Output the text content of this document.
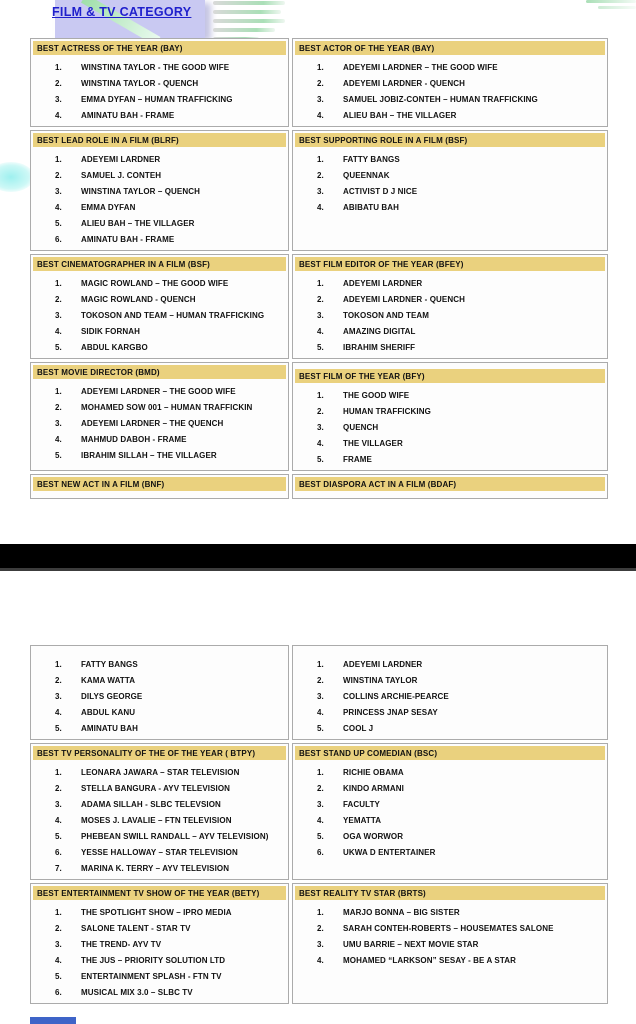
FILM & TV CATEGORY
BEST ACTRESS OF THE YEAR (BAY)
1.	WINSTINA TAYLOR - THE GOOD WIFE
2.	WINSTINA TAYLOR - QUENCH
3.	EMMA DYFAN – HUMAN TRAFFICKING
4.	AMINATU BAH - FRAME
BEST ACTOR OF THE YEAR (BAY)
1.	ADEYEMI LARDNER – THE GOOD WIFE
2.	ADEYEMI LARDNER - QUENCH
3.	SAMUEL JOBIZ-CONTEH – HUMAN TRAFFICKING
4.	ALIEU BAH – THE VILLAGER
BEST LEAD ROLE IN A FILM (BLRF)
1.	ADEYEMI LARDNER
2.	SAMUEL J. CONTEH
3.	WINSTINA TAYLOR – QUENCH
4.	EMMA DYFAN
5.	ALIEU BAH – THE VILLAGER
6.	AMINATU BAH - FRAME
BEST SUPPORTING ROLE IN A FILM (BSF)
1.	FATTY BANGS
2.	QUEENNAK
3.	ACTIVIST D J NICE
4.	ABIBATU BAH
BEST CINEMATOGRAPHER IN A FILM (BSF)
1.	MAGIC ROWLAND – THE GOOD WIFE
2.	MAGIC ROWLAND - QUENCH
3.	TOKOSON AND TEAM – HUMAN TRAFFICKING
4.	SIDIK FORNAH
5.	ABDUL KARGBO
BEST FILM EDITOR OF THE YEAR (BFEY)
1.	ADEYEMI LARDNER
2.	ADEYEMI LARDNER - QUENCH
3.	TOKOSON AND TEAM
4.	AMAZING DIGITAL
5.	IBRAHIM SHERIFF
BEST MOVIE DIRECTOR (BMD)
1.	ADEYEMI LARDNER – THE GOOD WIFE
2.	MOHAMED SOW 001 – HUMAN TRAFFICKIN
3.	ADEYEMI LARDNER – THE QUENCH
4.	MAHMUD DABOH - FRAME
5.	IBRAHIM SILLAH – THE VILLAGER
BEST FILM OF THE YEAR (BFY)
1.	THE GOOD WIFE
2.	HUMAN TRAFFICKING
3.	QUENCH
4.	THE VILLAGER
5.	FRAME
BEST NEW ACT IN A FILM (BNF)	BEST DIASPORA ACT IN A FILM (BDAF)
1.	FATTY BANGS
2.	KAMA WATTA
3.	DILYS GEORGE
4.	ABDUL KANU
5.	AMINATU BAH
1.	ADEYEMI LARDNER
2.	WINSTINA TAYLOR
3.	COLLINS ARCHIE-PEARCE
4.	PRINCESS JNAP SESAY
5.	COOL J
BEST TV PERSONALITY OF THE OF THE YEAR ( BTPY)
1.	LEONARA JAWARA – STAR TELEVISION
2.	STELLA BANGURA - AYV TELEVISION
3.	ADAMA SILLAH - SLBC TELEVSION
4.	MOSES J. LAVALIE – FTN TELEVISION
5.	PHEBEAN SWILL RANDALL – AYV TELEVISION)
6.	YESSE HALLOWAY – STAR TELEVISION
7.	MARINA K. TERRY – AYV TELEVISION
BEST STAND UP COMEDIAN (BSC)
1.	RICHIE OBAMA
2.	KINDO ARMANI
3.	FACULTY
4.	YEMATTA
5.	OGA WORWOR
6.	UKWA D ENTERTAINER
BEST ENTERTAINMENT TV SHOW OF THE YEAR (BETY)
1.	THE SPOTLIGHT SHOW – IPRO MEDIA
2.	SALONE TALENT - STAR TV
3.	THE TREND- AYV TV
4.	THE JUS – PRIORITY SOLUTION LTD
5.	ENTERTAINMENT SPLASH - FTN TV
6.	MUSICAL MIX 3.0 – SLBC TV
BEST REALITY TV STAR (BRTS)
1.	MARJO BONNA – BIG SISTER
2.	SARAH CONTEH-ROBERTS – HOUSEMATES SALONE
3.	UMU BARRIE – NEXT MOVIE STAR
4.	MOHAMED “LARKSON” SESAY - BE A STAR
